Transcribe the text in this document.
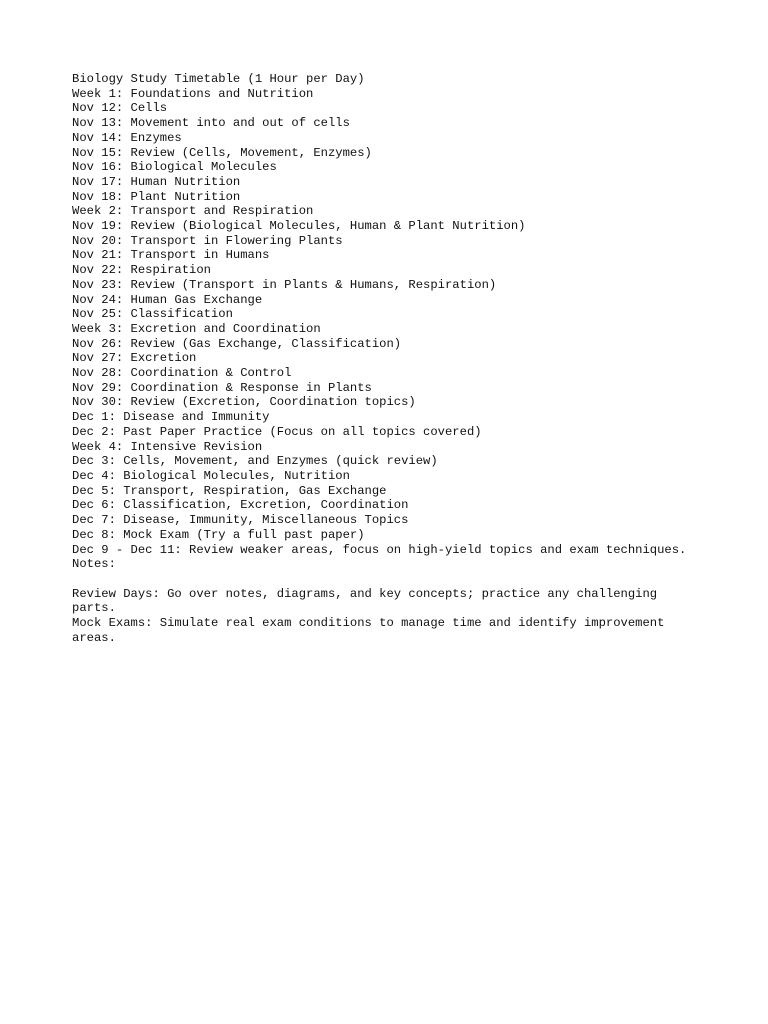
Biology Study Timetable (1 Hour per Day)
Week 1: Foundations and Nutrition
Nov 12: Cells
Nov 13: Movement into and out of cells
Nov 14: Enzymes
Nov 15: Review (Cells, Movement, Enzymes)
Nov 16: Biological Molecules
Nov 17: Human Nutrition
Nov 18: Plant Nutrition
Week 2: Transport and Respiration
Nov 19: Review (Biological Molecules, Human & Plant Nutrition)
Nov 20: Transport in Flowering Plants
Nov 21: Transport in Humans
Nov 22: Respiration
Nov 23: Review (Transport in Plants & Humans, Respiration)
Nov 24: Human Gas Exchange
Nov 25: Classification
Week 3: Excretion and Coordination
Nov 26: Review (Gas Exchange, Classification)
Nov 27: Excretion
Nov 28: Coordination & Control
Nov 29: Coordination & Response in Plants
Nov 30: Review (Excretion, Coordination topics)
Dec 1: Disease and Immunity
Dec 2: Past Paper Practice (Focus on all topics covered)
Week 4: Intensive Revision
Dec 3: Cells, Movement, and Enzymes (quick review)
Dec 4: Biological Molecules, Nutrition
Dec 5: Transport, Respiration, Gas Exchange
Dec 6: Classification, Excretion, Coordination
Dec 7: Disease, Immunity, Miscellaneous Topics
Dec 8: Mock Exam (Try a full past paper)
Dec 9 - Dec 11: Review weaker areas, focus on high-yield topics and exam techniques.
Notes:
Review Days: Go over notes, diagrams, and key concepts; practice any challenging parts.
Mock Exams: Simulate real exam conditions to manage time and identify improvement areas.
